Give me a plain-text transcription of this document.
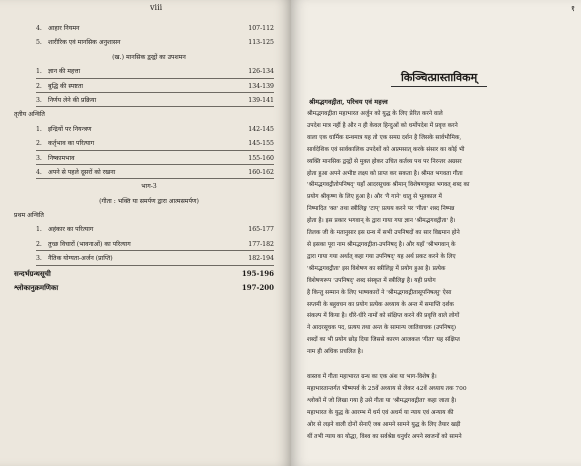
viii
4. आहार नियमन	107-112
5. शारीरिक एवं मानसिक अनुशासन	113-125
(ख.) मानसिक द्वन्द्वों का उपशमन
1. ज्ञान की महत्ता	126-134
2. बुद्धि की स्पष्टता	134-139
3. निर्णय लेने की प्रक्रिया	139-141
तृतीय अन्विति
1. इन्द्रियों पर नियन्त्रण	142-145
2. कर्तृभाव का परित्याग	145-155
3. निष्कामभाव	155-160
4. अपने से पहले दूसरों को रखना	160-162
भाग-3
(गीता : भक्ति या समर्पण द्वारा आत्मसमर्पण)
प्रथम अन्विति
1. अहंकार का परित्याग	165-177
2. तुच्छ विचारों (भावनाओं) का परित्याग	177-182
3. नैतिक योग्यता-अर्जन (प्राप्ति)	182-194
सन्दर्भग्रन्थसूची	195-196
श्लोकानुक्रमणिका	197-200
१
किञ्चित्प्रास्ताविकम्
श्रीमद्भगवद्गीता, परिचय एवं महत्त्व
श्रीमद्भगवद्गीता महाभारत अर्जुन को युद्ध के लिए प्रेरित करने वाले
उपदेश मात्र नहीं है और न ही केवल हिन्दुओं को धर्मोपदेश में प्रवृत्त करने
वाला एक धार्मिक ग्रन्थमात्र यह तो एक समग्र दर्शन है जिसके सार्वभौमिक,
सार्वदेशिक एवं सार्वकालिक उपदेशों को आत्मसात् करके संसार का कोई भी
व्यक्ति मानसिक द्वन्द्वों से मुक्त होकर उचित कर्तव्य पथ पर निरन्तर अग्रसर
होता हुआ अपने अभीष्ट लक्ष्य को प्राप्त कर सकता है। श्रीमत भगवता गीता
'श्रीमद्भगवद्गीतोपनिषद्' यहाँ आदरसूचक श्रीमान् विशेषणयुक्त भगवत् शब्द का
प्रयोग श्रीकृष्ण के लिए हुआ है। और 'गै गाने' धातु से भूतकाल में
निष्पादित 'क्त' तथा स्त्रीलिङ्ग 'टाप्' प्रत्यय करने पर 'गीता' शब्द निष्पन्न
होता है। इस प्रकार भगवान् के द्वारा गाया गया ज्ञान 'श्रीमद्भगवद्गीता' है।
तिलक जी के मतानुसार इस ग्रन्थ में सभी उपनिषदों का सार विद्यमान होने
से इसका पूरा नाम श्रीमद्भगवद्गीता-उपनिषद् है। और यहाँ 'श्रीभगवान् के
द्वारा गाया गया अर्थात् कहा गया उपनिषद्' यह अर्थ प्रकट करने के लिए
'श्रीमद्भगवद्गीता' इस विशेषण का स्त्रीलिङ्ग में प्रयोग हुआ है। प्रत्येक
विशेषणरूप 'उपनिषद्' शब्द संस्कृत में स्त्रीलिङ्ग है। यही प्रयोग
है किन्तु सम्मान के लिए भाष्यकारों ने 'श्रीमद्भगवद्गीतासूपनिषत्सु' ऐसा
सप्तमी के बहुवचन का प्रयोग प्रत्येक अध्याय के अन्त में समाप्ति दर्शक
संकल्प में किया है। धीरे-धीरे नामों को संक्षिप्त करने की प्रवृत्ति वाले लोगों
ने आदरसूचक पद, प्रत्यय तथा अन्त के सामान्य जातिवाचक (उपनिषद्)
शब्दों का भी प्रयोग छोड़ दिया जिससे कारण आजकल 'गीता' यह संक्षिप्त
नाम ही अधिक प्रचलित है।
वास्तव में गीता महाभारत ग्रन्थ का एक अंश या भाग-विशेष है।
महाभारतान्तर्गत भीष्मपर्व के 25वें अध्याय से लेकर 42वें अध्याय तक 700
श्लोकों में जो लिखा गया है उसे गीता या 'श्रीमद्भगवद्गीता' कहा जाता है।
महाभारत के युद्ध के आरम्भ में धर्म एवं अधर्म या न्याय एवं अन्याय की
ओर से लड़ने वाली दोनों सेनाएँ जब आमने सामने युद्ध के लिए तैयार खड़ी
थीं तभी न्याय का योद्धा, विश्व का सर्वश्रेष्ठ धनुर्धर अपने स्वजनों को सामने
